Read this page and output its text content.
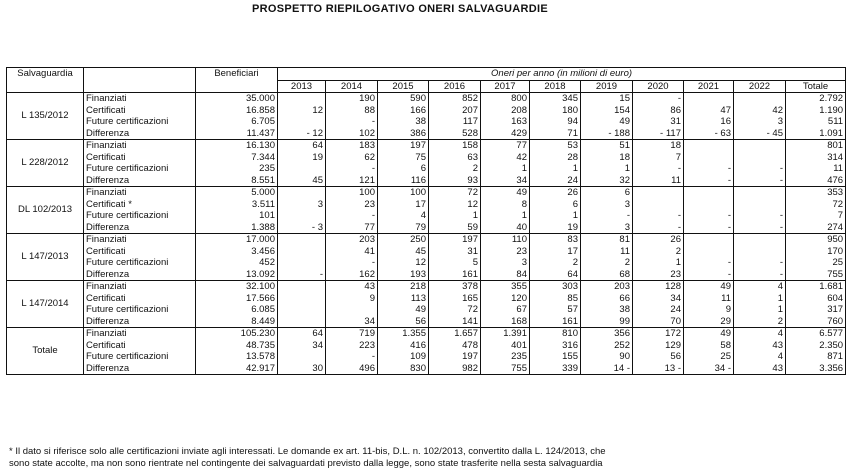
PROSPETTO RIEPILOGATIVO ONERI SALVAGUARDIE
Salvaguardia		Beneficiari	Oneri per anno (in milioni di euro)										
			2013	2014	2015	2016	2017	2018	2019	2020	2021	2022	Totale
L 135/2012	Finanziati	35.000		190	590	852	800	345	15	-			2.792
	Certificati	16.858	12	88	166	207	208	180	154	86	47	42	1.190
	Future certificazioni	6.705		-	38	117	163	94	49	31	16	3	511
	Differenza	11.437	- 12	102	386	528	429	71	- 188	- 117	- 63	- 45	1.091
L 228/2012	Finanziati	16.130	64	183	197	158	77	53	51	18			801
	Certificati	7.344	19	62	75	63	42	28	18	7			314
	Future certificazioni	235		-	6	2	1	1	1	-	-	-	11
	Differenza	8.551	45	121	116	93	34	24	32	11	-	-	476
DL 102/2013	Finanziati	5.000		100	100	72	49	26	6				353
	Certificati *	3.511	3	23	17	12	8	6	3				72
	Future certificazioni	101		-	4	1	1	1	-	-	-	-	7
	Differenza	1.388	- 3	77	79	59	40	19	3	-	-	-	274
L 147/2013	Finanziati	17.000		203	250	197	110	83	81	26			950
	Certificati	3.456		41	45	31	23	17	11	2			170
	Future certificazioni	452		-	12	5	3	2	2	1	-	-	25
	Differenza	13.092	-	162	193	161	84	64	68	23	-	-	755
L 147/2014	Finanziati	32.100		43	218	378	355	303	203	128	49	4	1.681
	Certificati	17.566		9	113	165	120	85	66	34	11	1	604
	Future certificazioni	6.085			49	72	67	57	38	24	9	1	317
	Differenza	8.449		34	56	141	168	161	99	70	29	2	760
Totale	Finanziati	105.230	64	719	1.355	1.657	1.391	810	356	172	49	4	6.577
	Certificati	48.735	34	223	416	478	401	316	252	129	58	43	2.350
	Future certificazioni	13.578		-	109	197	235	155	90	56	25	4	871
	Differenza	42.917	30	496	830	982	755	339	14 -	13 -	34 -	43	3.356
* Il dato si riferisce solo alle certificazioni inviate agli interessati. Le domande ex art. 11-bis, D.L. n. 102/2013, convertito dalla L. 124/2013, che
sono state accolte, ma non sono rientrate nel contingente dei salvaguardati previsto dalla legge, sono state trasferite nella sesta salvaguardia
